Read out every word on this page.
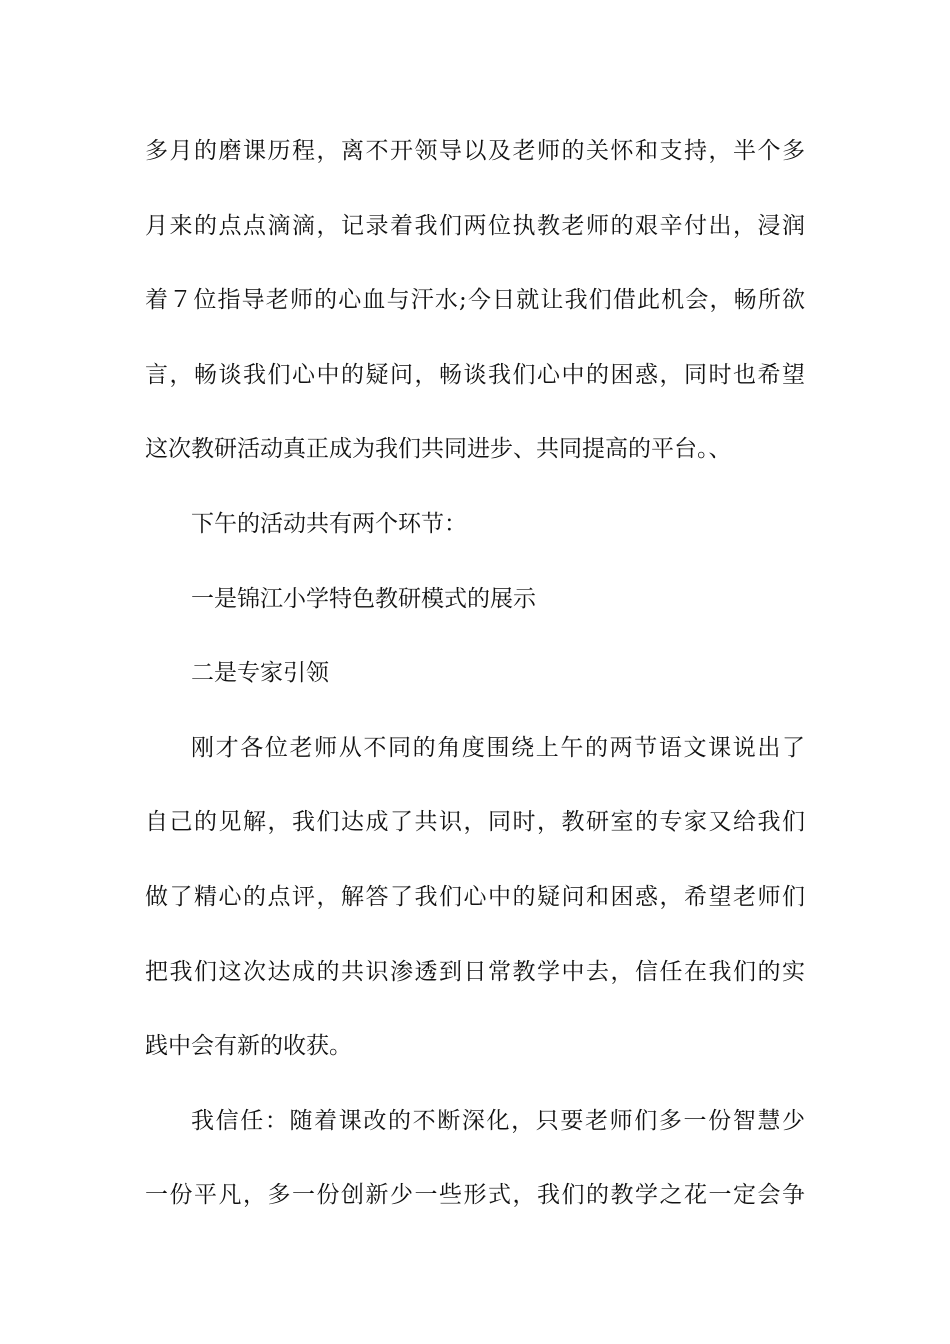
多月的磨课历程，离不开领导以及老师的关怀和支持，半个多
月来的点点滴滴，记录着我们两位执教老师的艰辛付出，浸润
着７位指导老师的心血与汗水;今日就让我们借此机会，畅所欲
言，畅谈我们心中的疑问，畅谈我们心中的困惑，同时也希望
这次教研活动真正成为我们共同进步、共同提高的平台。、
下午的活动共有两个环节：
一是锦江小学特色教研模式的展示
二是专家引领
刚才各位老师从不同的角度围绕上午的两节语文课说出了
自己的见解，我们达成了共识，同时，教研室的专家又给我们
做了精心的点评，解答了我们心中的疑问和困惑，希望老师们
把我们这次达成的共识渗透到日常教学中去，信任在我们的实
践中会有新的收获。
我信任：随着课改的不断深化，只要老师们多一份智慧少
一份平凡，多一份创新少一些形式，我们的教学之花一定会争
